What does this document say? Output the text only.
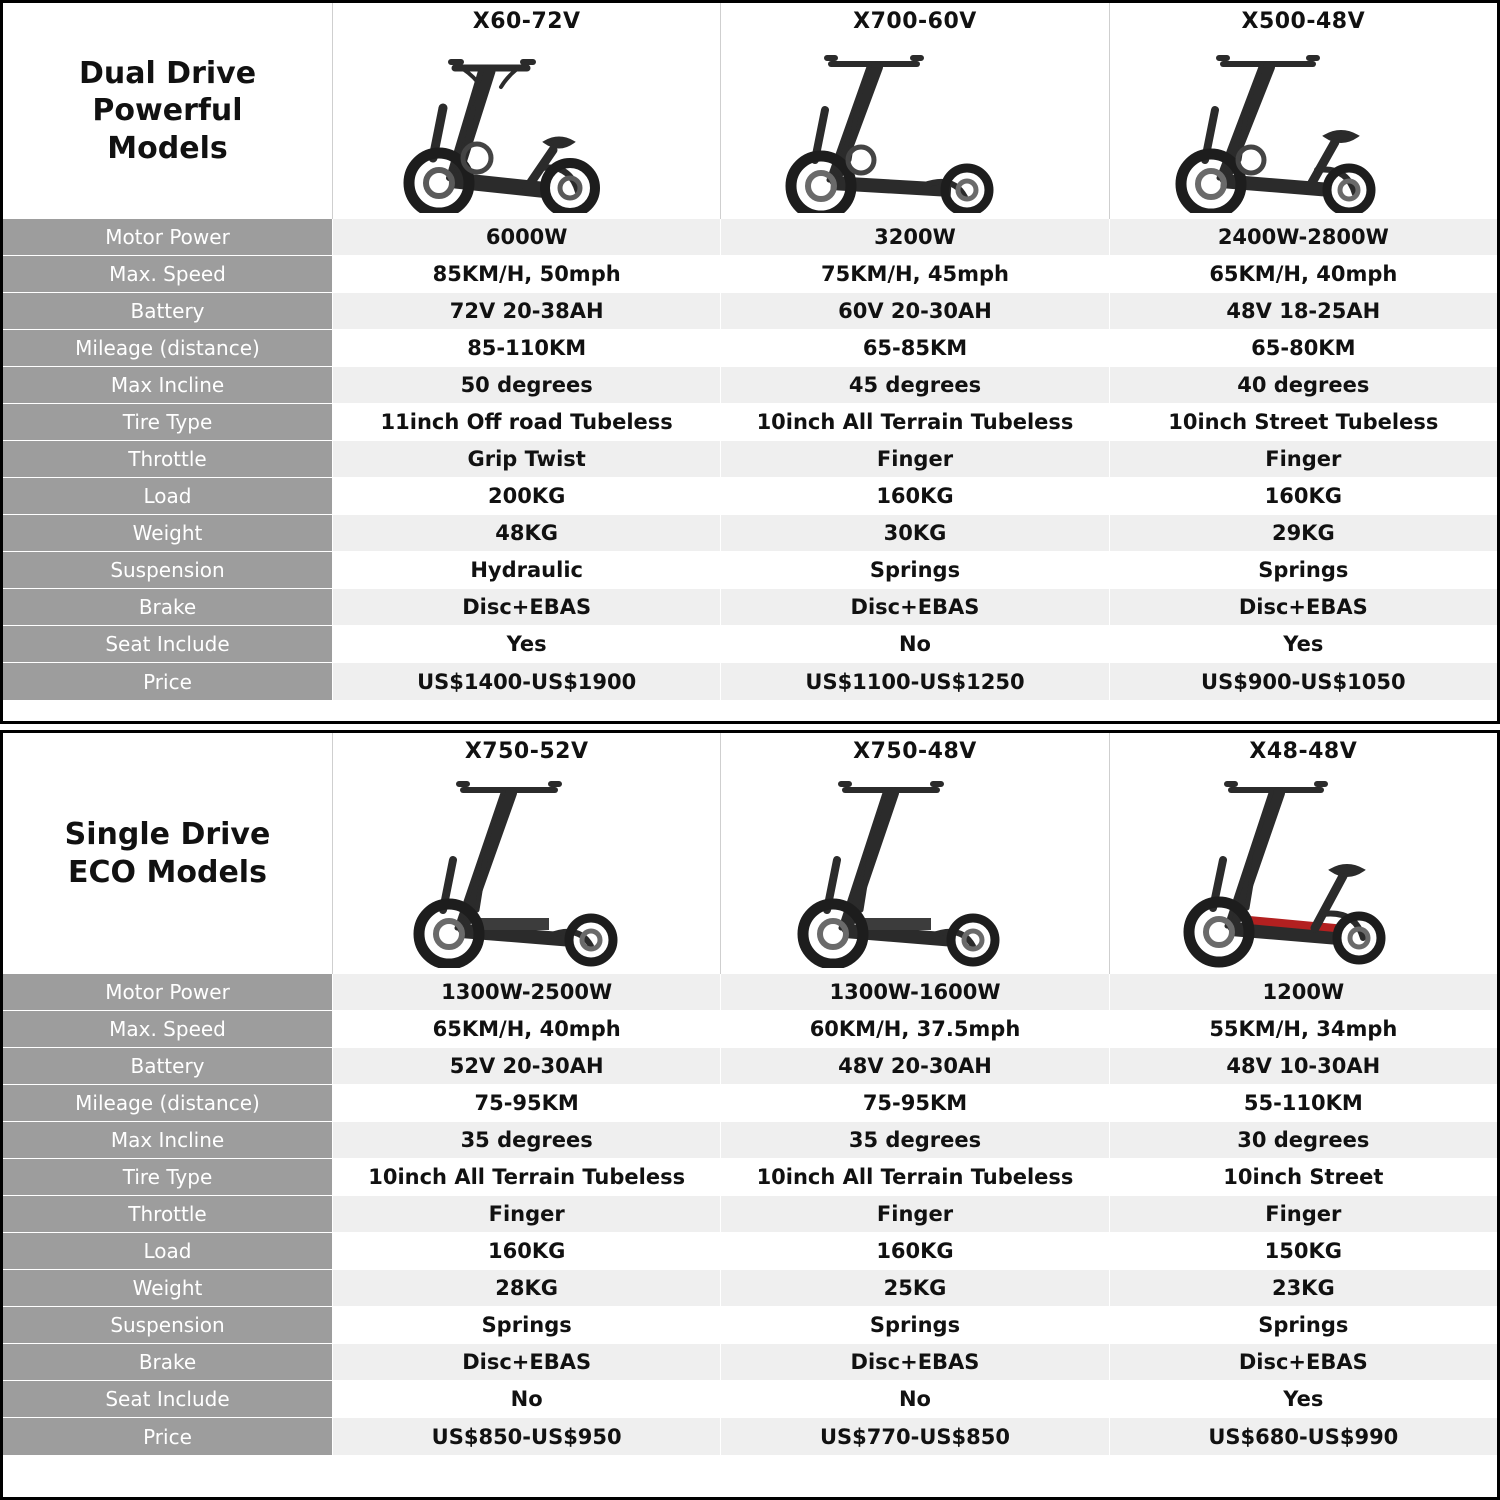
Dual Drive
Powerful
Models
X60-72V	X700-60V	X500-48V
Motor Power	6000W	3200W	2400W-2800W
Max. Speed	85KM/H, 50mph	75KM/H, 45mph	65KM/H, 40mph
Battery	72V 20-38AH	60V 20-30AH	48V 18-25AH
Mileage (distance)	85-110KM	65-85KM	65-80KM
Max Incline	50 degrees	45 degrees	40 degrees
Tire Type	11inch Off road Tubeless	10inch All Terrain Tubeless	10inch Street Tubeless
Throttle	Grip Twist	Finger	Finger
Load	200KG	160KG	160KG
Weight	48KG	30KG	29KG
Suspension	Hydraulic	Springs	Springs
Brake	Disc+EBAS	Disc+EBAS	Disc+EBAS
Seat Include	Yes	No	Yes
Price	US$1400-US$1900	US$1100-US$1250	US$900-US$1050
Single Drive
ECO Models
X750-52V	X750-48V	X48-48V
Motor Power	1300W-2500W	1300W-1600W	1200W
Max. Speed	65KM/H, 40mph	60KM/H, 37.5mph	55KM/H, 34mph
Battery	52V 20-30AH	48V 20-30AH	48V 10-30AH
Mileage (distance)	75-95KM	75-95KM	55-110KM
Max Incline	35 degrees	35 degrees	30 degrees
Tire Type	10inch All Terrain Tubeless	10inch All Terrain Tubeless	10inch Street
Throttle	Finger	Finger	Finger
Load	160KG	160KG	150KG
Weight	28KG	25KG	23KG
Suspension	Springs	Springs	Springs
Brake	Disc+EBAS	Disc+EBAS	Disc+EBAS
Seat Include	No	No	Yes
Price	US$850-US$950	US$770-US$850	US$680-US$990
